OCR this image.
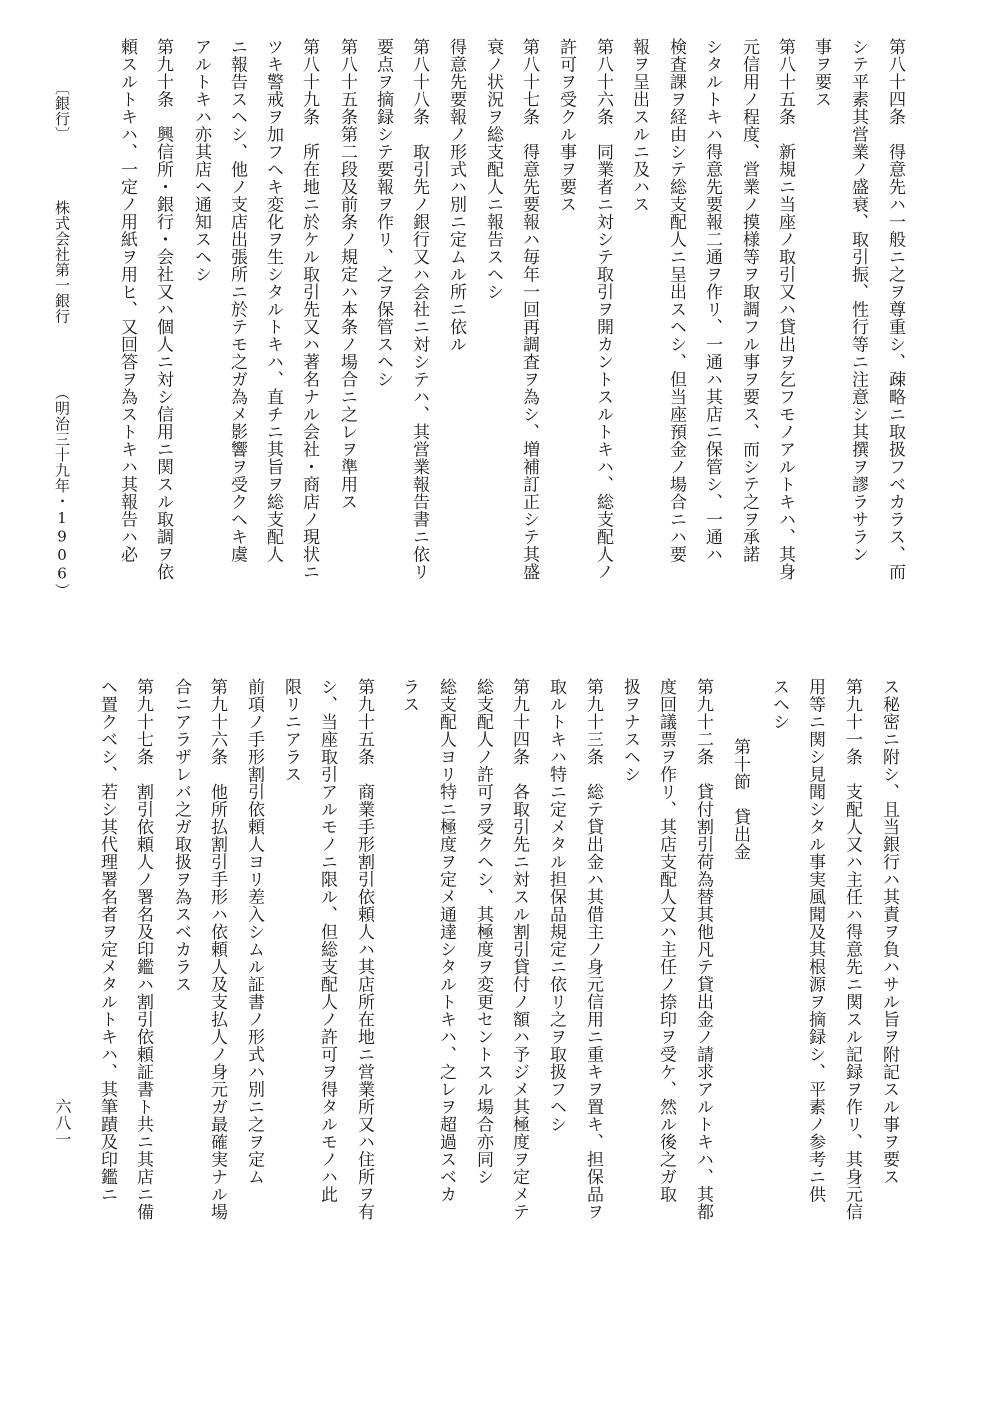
第八十四条　得意先ハ一般ニ之ヲ尊重シ、疎略ニ取扱フベカラス、而
シテ平素其営業ノ盛衰、取引振、性行等ニ注意シ其撰ヲ謬ラサラン
事ヲ要ス
第八十五条　新規ニ当座ノ取引又ハ貸出ヲ乞フモノアルトキハ、其身
元信用ノ程度、営業ノ摸様等ヲ取調フル事ヲ要ス、而シテ之ヲ承諾
シタルトキハ得意先要報二通ヲ作リ、一通ハ其店ニ保管シ、一通ハ
検査課ヲ経由シテ総支配人ニ呈出スヘシ、但当座預金ノ場合ニハ要
報ヲ呈出スルニ及ハス
第八十六条　同業者ニ対シテ取引ヲ開カントスルトキハ、総支配人ノ
許可ヲ受クル事ヲ要ス
第八十七条　得意先要報ハ毎年一回再調査ヲ為シ、増補訂正シテ其盛
衰ノ状況ヲ総支配人ニ報告スヘシ
得意先要報ノ形式ハ別ニ定ムル所ニ依ル
第八十八条　取引先ノ銀行又ハ会社ニ対シテハ、其営業報告書ニ依リ
要点ヲ摘録シテ要報ヲ作リ、之ヲ保管スヘシ
第八十五条第二段及前条ノ規定ハ本条ノ場合ニ之レヲ準用ス
第八十九条　所在地ニ於ケル取引先又ハ著名ナル会社・商店ノ現状ニ
ツキ警戒ヲ加フヘキ変化ヲ生シタルトキハ、直チニ其旨ヲ総支配人
ニ報告スヘシ、他ノ支店出張所ニ於テモ之ガ為メ影響ヲ受クヘキ虞
アルトキハ亦其店ヘ通知スヘシ
第九十条　興信所・銀行・会社又ハ個人ニ対シ信用ニ関スル取調ヲ依
頼スルトキハ、一定ノ用紙ヲ用ヒ、又回答ヲ為ストキハ其報告ハ必
〔銀行〕
株式会社第一銀行
（明治三十九年・1906）
ス秘密ニ附シ、且当銀行ハ其責ヲ負ハサル旨ヲ附記スル事ヲ要ス
第九十一条　支配人又ハ主任ハ得意先ニ関スル記録ヲ作リ、其身元信
用等ニ関シ見聞シタル事実風聞及其根源ヲ摘録シ、平素ノ参考ニ供
スヘシ
第十節　貸出金
第九十二条　貸付割引荷為替其他凡テ貸出金ノ請求アルトキハ、其都
度回議票ヲ作リ、其店支配人又ハ主任ノ捺印ヲ受ケ、然ル後之ガ取
扱ヲナスヘシ
第九十三条　総テ貸出金ハ其借主ノ身元信用ニ重キヲ置キ、担保品ヲ
取ルトキハ特ニ定メタル担保品規定ニ依リ之ヲ取扱フヘシ
第九十四条　各取引先ニ対スル割引貸付ノ額ハ予ジメ其極度ヲ定メテ
総支配人ノ許可ヲ受クヘシ、其極度ヲ変更セントスル場合亦同シ
総支配人ヨリ特ニ極度ヲ定メ通達シタルトキハ、之レヲ超過スベカ
ラス
第九十五条　商業手形割引依頼人ハ其店所在地ニ営業所又ハ住所ヲ有
シ、当座取引アルモノニ限ル、但総支配人ノ許可ヲ得タルモノハ此
限リニアラス
前項ノ手形割引依頼人ヨリ差入シムル証書ノ形式ハ別ニ之ヲ定ム
第九十六条　他所払割引手形ハ依頼人及支払人ノ身元ガ最確実ナル場
合ニアラザレバ之ガ取扱ヲ為スベカラス
第九十七条　割引依頼人ノ署名及印鑑ハ割引依頼証書ト共ニ其店ニ備
ヘ置クベシ、若シ其代理署名者ヲ定メタルトキハ、其筆蹟及印鑑ニ
六八一
